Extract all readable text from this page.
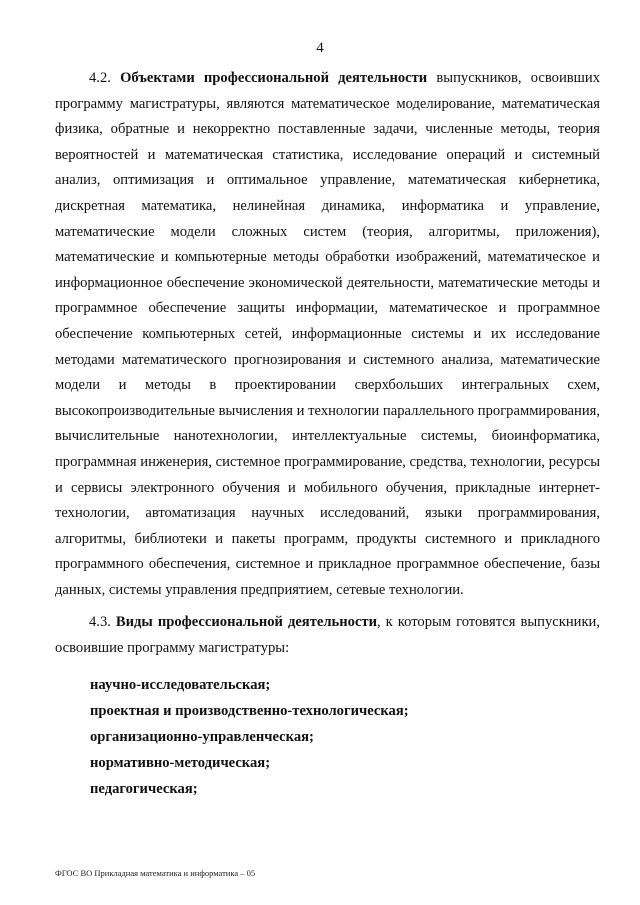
4

4.2. Объектами профессиональной деятельности выпускников, освоивших программу магистратуры, являются математическое моделирование, математическая физика, обратные и некорректно поставленные задачи, численные методы, теория вероятностей и математическая статистика, исследование операций и системный анализ, оптимизация и оптимальное управление, математическая кибернетика, дискретная математика, нелинейная динамика, информатика и управление, математические модели сложных систем (теория, алгоритмы, приложения), математические и компьютерные методы обработки изображений, математическое и информационное обеспечение экономической деятельности, математические методы и программное обеспечение защиты информации, математическое и программное обеспечение компьютерных сетей, информационные системы и их исследование методами математического прогнозирования и системного анализа, математические модели и методы в проектировании сверхбольших интегральных схем, высокопроизводительные вычисления и технологии параллельного программирования, вычислительные нанотехнологии, интеллектуальные системы, биоинформатика, программная инженерия, системное программирование, средства, технологии, ресурсы и сервисы электронного обучения и мобильного обучения, прикладные интернет-технологии, автоматизация научных исследований, языки программирования, алгоритмы, библиотеки и пакеты программ, продукты системного и прикладного программного обеспечения, системное и прикладное программное обеспечение, базы данных, системы управления предприятием, сетевые технологии.

4.3. Виды профессиональной деятельности, к которым готовятся выпускники, освоившие программу магистратуры:

научно-исследовательская;
проектная и производственно-технологическая;
организационно-управленческая;
нормативно-методическая;
педагогическая;
ФГОС ВО Прикладная математика и информатика – 05
